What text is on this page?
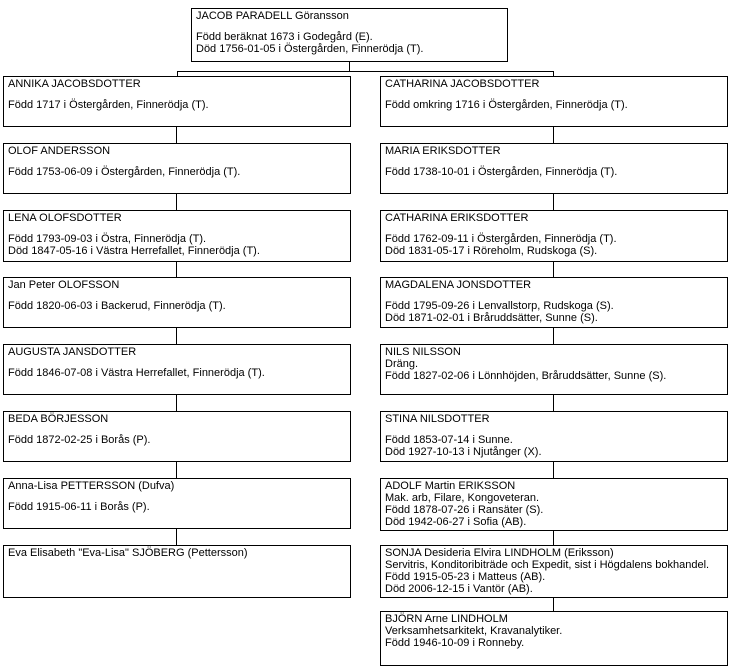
JACOB PARADELL Göransson
Född beräknat 1673 i Godegård (E).
Död 1756-01-05 i Östergården, Finnerödja (T).
ANNIKA JACOBSDOTTER
Född 1717 i Östergården, Finnerödja (T).
OLOF ANDERSSON
Född 1753-06-09 i Östergården, Finnerödja (T).
LENA OLOFSDOTTER
Född 1793-09-03 i Östra, Finnerödja (T).
Död 1847-05-16 i Västra Herrefallet, Finnerödja (T).
Jan Peter OLOFSSON
Född 1820-06-03 i Backerud, Finnerödja (T).
AUGUSTA JANSDOTTER
Född 1846-07-08 i Västra Herrefallet, Finnerödja (T).
BEDA BÖRJESSON
Född 1872-02-25 i Borås (P).
Anna-Lisa PETTERSSON (Dufva)
Född 1915-06-11 i Borås (P).
Eva Elisabeth "Eva-Lisa" SJÖBERG (Pettersson)
CATHARINA JACOBSDOTTER
Född omkring 1716 i Östergården, Finnerödja (T).
MARIA ERIKSDOTTER
Född 1738-10-01 i Östergården, Finnerödja (T).
CATHARINA ERIKSDOTTER
Född 1762-09-11 i Östergården, Finnerödja (T).
Död 1831-05-17 i Röreholm, Rudskoga (S).
MAGDALENA JONSDOTTER
Född 1795-09-26 i Lenvallstorp, Rudskoga (S).
Död 1871-02-01 i Bråruddsätter, Sunne (S).
NILS NILSSON
Dräng.
Född 1827-02-06 i Lönnhöjden, Bråruddsätter, Sunne (S).
STINA NILSDOTTER
Född 1853-07-14 i Sunne.
Död 1927-10-13 i Njutånger (X).
ADOLF Martin ERIKSSON
Mak. arb, Filare, Kongoveteran.
Född 1878-07-26 i Ransäter (S).
Död 1942-06-27 i Sofia (AB).
SONJA Desideria Elvira LINDHOLM (Eriksson)
Servitris, Konditoribiträde och Expedit, sist i Högdalens bokhandel.
Född 1915-05-23 i Matteus (AB).
Död 2006-12-15 i Vantör (AB).
BJÖRN Arne LINDHOLM
Verksamhetsarkitekt, Kravanalytiker.
Född 1946-10-09 i Ronneby.
